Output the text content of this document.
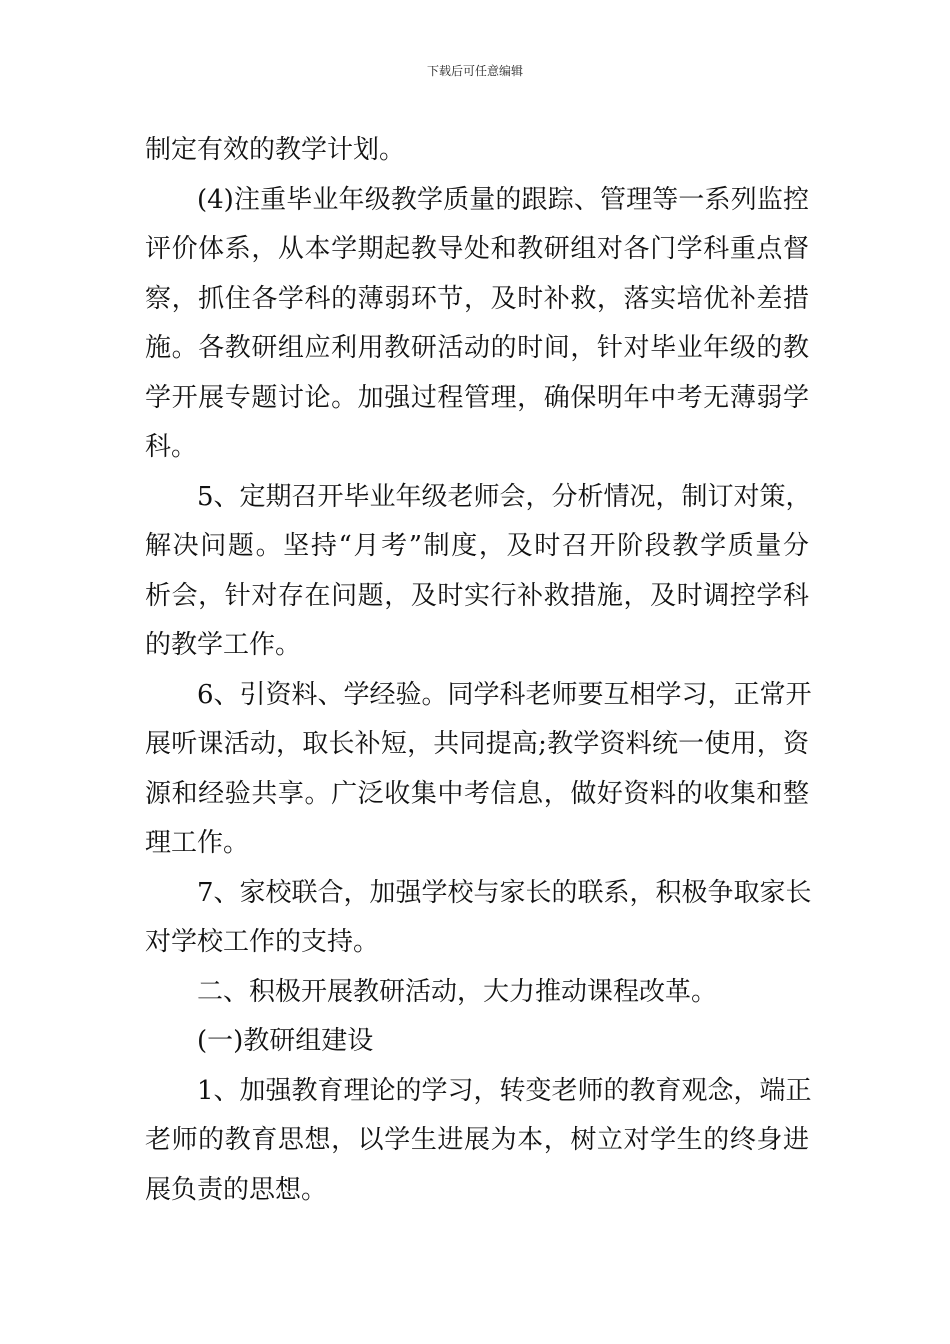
下载后可任意编辑
制定有效的教学计划。
(4)注重毕业年级教学质量的跟踪、管理等一系列监控
评价体系，从本学期起教导处和教研组对各门学科重点督
察，抓住各学科的薄弱环节，及时补救，落实培优补差措
施。各教研组应利用教研活动的时间，针对毕业年级的教
学开展专题讨论。加强过程管理，确保明年中考无薄弱学
科。
5、定期召开毕业年级老师会，分析情况，制订对策，
解决问题。坚持“月考”制度，及时召开阶段教学质量分
析会，针对存在问题，及时实行补救措施，及时调控学科
的教学工作。
6、引资料、学经验。同学科老师要互相学习，正常开
展听课活动，取长补短，共同提高;教学资料统一使用，资
源和经验共享。广泛收集中考信息，做好资料的收集和整
理工作。
7、家校联合，加强学校与家长的联系，积极争取家长
对学校工作的支持。
二、积极开展教研活动，大力推动课程改革。
(一)教研组建设
1、加强教育理论的学习，转变老师的教育观念，端正
老师的教育思想，以学生进展为本，树立对学生的终身进
展负责的思想。
